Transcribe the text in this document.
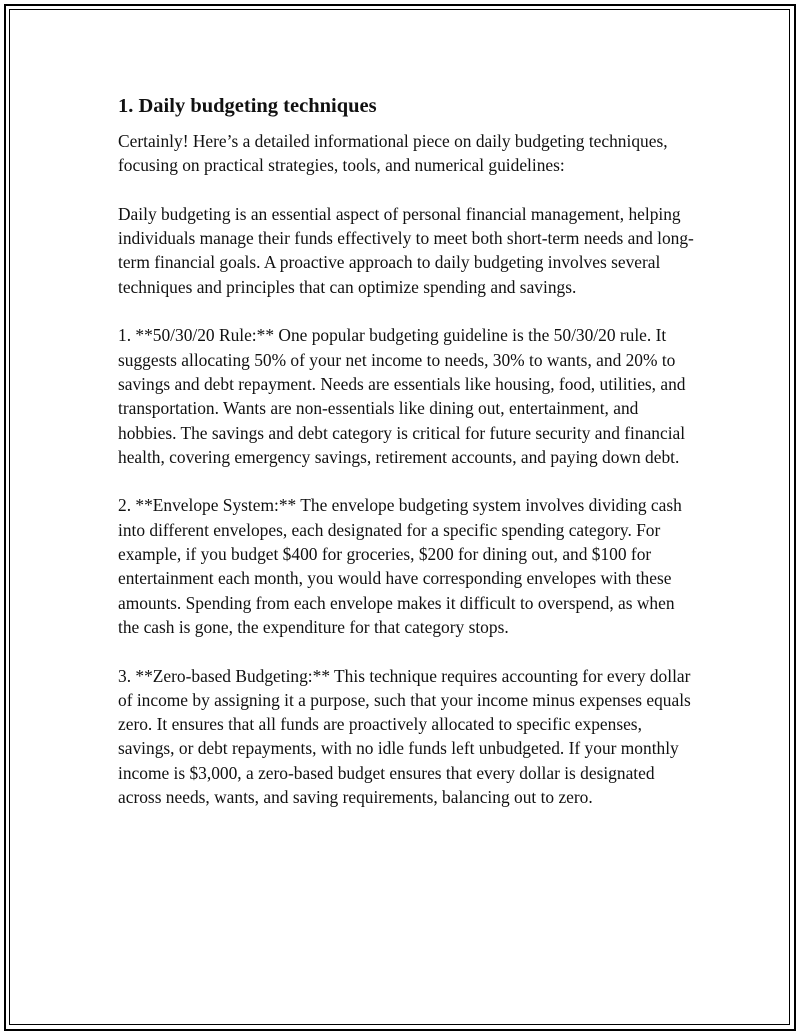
1. Daily budgeting techniques

Certainly! Here’s a detailed informational piece on daily budgeting techniques, focusing on practical strategies, tools, and numerical guidelines:

Daily budgeting is an essential aspect of personal financial management, helping individuals manage their funds effectively to meet both short-term needs and long-term financial goals. A proactive approach to daily budgeting involves several techniques and principles that can optimize spending and savings.

1. **50/30/20 Rule:** One popular budgeting guideline is the 50/30/20 rule. It suggests allocating 50% of your net income to needs, 30% to wants, and 20% to savings and debt repayment. Needs are essentials like housing, food, utilities, and transportation. Wants are non-essentials like dining out, entertainment, and hobbies. The savings and debt category is critical for future security and financial health, covering emergency savings, retirement accounts, and paying down debt.

2. **Envelope System:** The envelope budgeting system involves dividing cash into different envelopes, each designated for a specific spending category. For example, if you budget $400 for groceries, $200 for dining out, and $100 for entertainment each month, you would have corresponding envelopes with these amounts. Spending from each envelope makes it difficult to overspend, as when the cash is gone, the expenditure for that category stops.

3. **Zero-based Budgeting:** This technique requires accounting for every dollar of income by assigning it a purpose, such that your income minus expenses equals zero. It ensures that all funds are proactively allocated to specific expenses, savings, or debt repayments, with no idle funds left unbudgeted. If your monthly income is $3,000, a zero-based budget ensures that every dollar is designated across needs, wants, and saving requirements, balancing out to zero.
